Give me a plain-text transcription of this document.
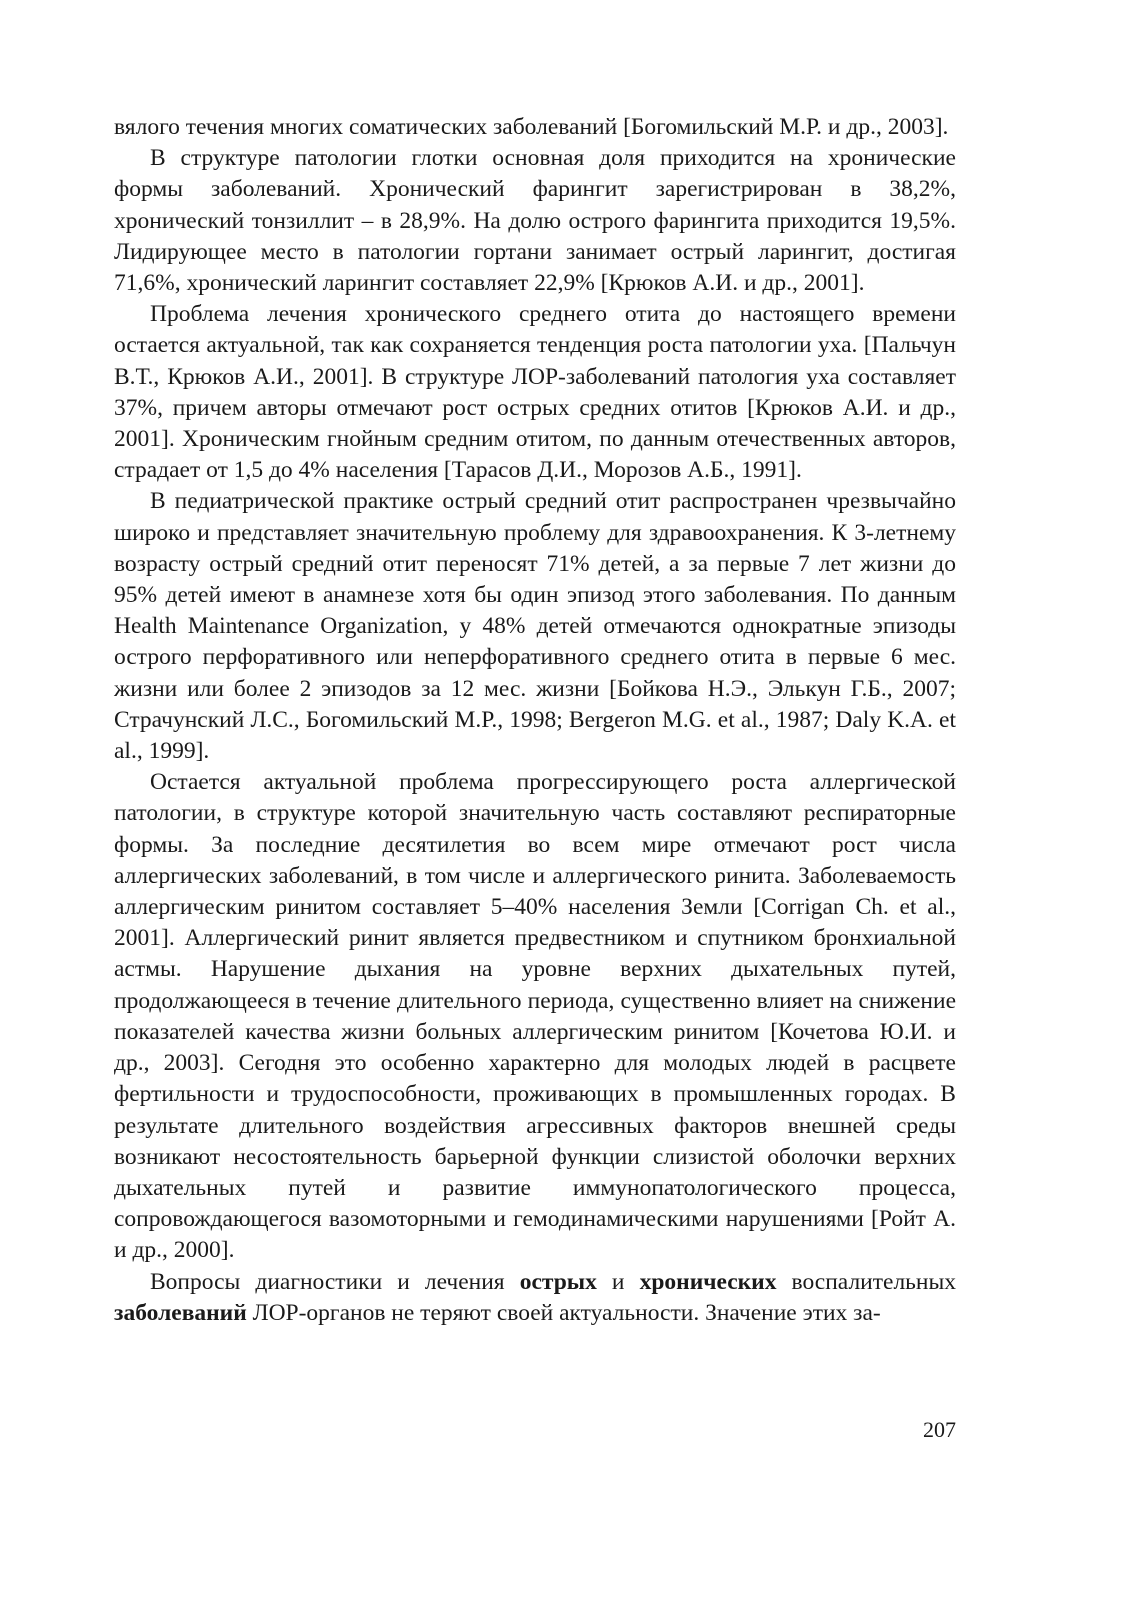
вялого течения многих соматических заболеваний [Богомильский М.Р. и др., 2003].

В структуре патологии глотки основная доля приходится на хронические формы заболеваний. Хронический фарингит зарегистрирован в 38,2%, хронический тонзиллит – в 28,9%. На долю острого фарингита приходится 19,5%. Лидирующее место в патологии гортани занимает острый ларингит, достигая 71,6%, хронический ларингит составляет 22,9% [Крюков А.И. и др., 2001].

Проблема лечения хронического среднего отита до настоящего времени остается актуальной, так как сохраняется тенденция роста патологии уха. [Пальчун В.Т., Крюков А.И., 2001]. В структуре ЛОР-заболеваний патология уха составляет 37%, причем авторы отмечают рост острых средних отитов [Крюков А.И. и др., 2001]. Хроническим гнойным средним отитом, по данным отечественных авторов, страдает от 1,5 до 4% населения [Тарасов Д.И., Морозов А.Б., 1991].

В педиатрической практике острый средний отит распространен чрезвычайно широко и представляет значительную проблему для здравоохранения. К 3-летнему возрасту острый средний отит переносят 71% детей, а за первые 7 лет жизни до 95% детей имеют в анамнезе хотя бы один эпизод этого заболевания. По данным Health Maintenance Organization, у 48% детей отмечаются однократные эпизоды острого перфоративного или неперфоративного среднего отита в первые 6 мес. жизни или более 2 эпизодов за 12 мес. жизни [Бойкова Н.Э., Элькун Г.Б., 2007; Страчунский Л.С., Богомильский М.Р., 1998; Bergeron M.G. et al., 1987; Daly K.A. et al., 1999].

Остается актуальной проблема прогрессирующего роста аллергической патологии, в структуре которой значительную часть составляют респираторные формы. За последние десятилетия во всем мире отмечают рост числа аллергических заболеваний, в том числе и аллергического ринита. Заболеваемость аллергическим ринитом составляет 5–40% населения Земли [Corrigan Ch. et al., 2001]. Аллергический ринит является предвестником и спутником бронхиальной астмы. Нарушение дыхания на уровне верхних дыхательных путей, продолжающееся в течение длительного периода, существенно влияет на снижение показателей качества жизни больных аллергическим ринитом [Кочетова Ю.И. и др., 2003]. Сегодня это особенно характерно для молодых людей в расцвете фертильности и трудоспособности, проживающих в промышленных городах. В результате длительного воздействия агрессивных факторов внешней среды возникают несостоятельность барьерной функции слизистой оболочки верхних дыхательных путей и развитие иммунопатологического процесса, сопровождающегося вазомоторными и гемодинамическими нарушениями [Ройт А. и др., 2000].

Вопросы диагностики и лечения острых и хронических воспалительных заболеваний ЛОР-органов не теряют своей актуальности. Значение этих за-

207
